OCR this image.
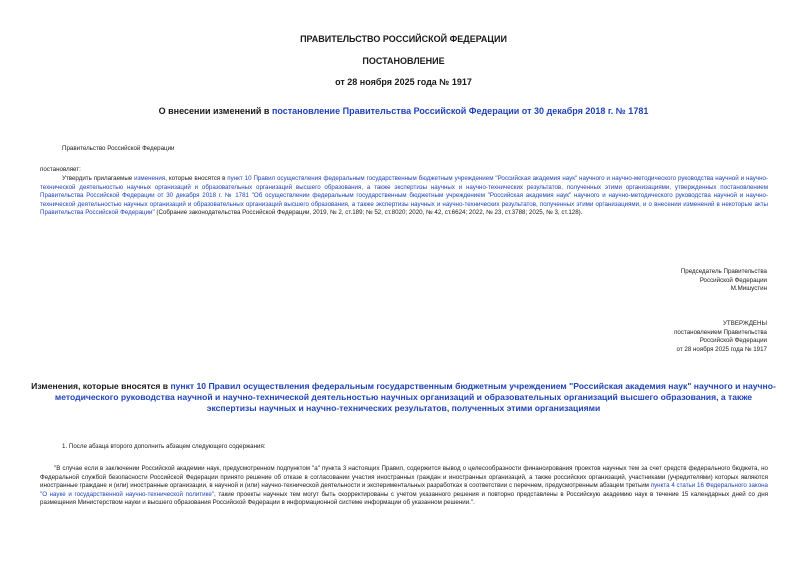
ПРАВИТЕЛЬСТВО РОССИЙСКОЙ ФЕДЕРАЦИИ
ПОСТАНОВЛЕНИЕ
от 28 ноября 2025 года № 1917
О внесении изменений в постановление Правительства Российской Федерации от 30 декабря 2018 г. № 1781
Правительство Российской Федерации
постановляет:
Утвердить прилагаемые изменения, которые вносятся в пункт 10 Правил осуществления федеральным государственным бюджетным учреждением "Российская академия наук" научного и научно-методического руководства научной и научно-технической деятельностью научных организаций и образовательных организаций высшего образования, а также экспертизы научных и научно-технических результатов, полученных этими организациями, утвержденных постановлением Правительства Российской Федерации от 30 декабря 2018 г. № 1781 "Об осуществлении федеральным государственным бюджетным учреждением "Российская академия наук" научного и научно-методического руководства научной и научно-технической деятельностью научных организаций и образовательных организаций высшего образования, а также экспертизы научных и научно-технических результатов, полученных этими организациями, и о внесении изменений в некоторые акты Правительства Российской Федерации" (Собрание законодательства Российской Федерации, 2019, № 2, ст.189; № 52, ст.8020; 2020, № 42, ст.6624; 2022, № 23, ст.3788; 2025, № 3, ст.128).
Председатель Правительства
Российской Федерации
М.Мишустин
УТВЕРЖДЕНЫ
постановлением Правительства
Российской Федерации
от 28 ноября 2025 года № 1917
Изменения, которые вносятся в пункт 10 Правил осуществления федеральным государственным бюджетным учреждением "Российская академия наук" научного и научно-методического руководства научной и научно-технической деятельностью научных организаций и образовательных организаций высшего образования, а также экспертизы научных и научно-технических результатов, полученных этими организациями
1. После абзаца второго дополнить абзацем следующего содержания:
"В случае если в заключении Российской академии наук, предусмотренном подпунктом "а" пункта 3 настоящих Правил, содержится вывод о целесообразности финансирования проектов научных тем за счет средств федерального бюджета, но Федеральной службой безопасности Российской Федерации принято решение об отказе в согласовании участия иностранных граждан и иностранных организаций, а также российских организаций, участниками (учредителями) которых являются иностранные граждане и (или) иностранные организации, в научной и (или) научно-технической деятельности и экспериментальных разработках в соответствии с перечнем, предусмотренным абзацем третьим пункта 4 статьи 16 Федерального закона "О науке и государственной научно-технической политике", такие проекты научных тем могут быть скорректированы с учетом указанного решения и повторно представлены в Российскую академию наук в течение 15 календарных дней со дня размещения Министерством науки и высшего образования Российской Федерации в информационной системе информации об указанном решении.".
